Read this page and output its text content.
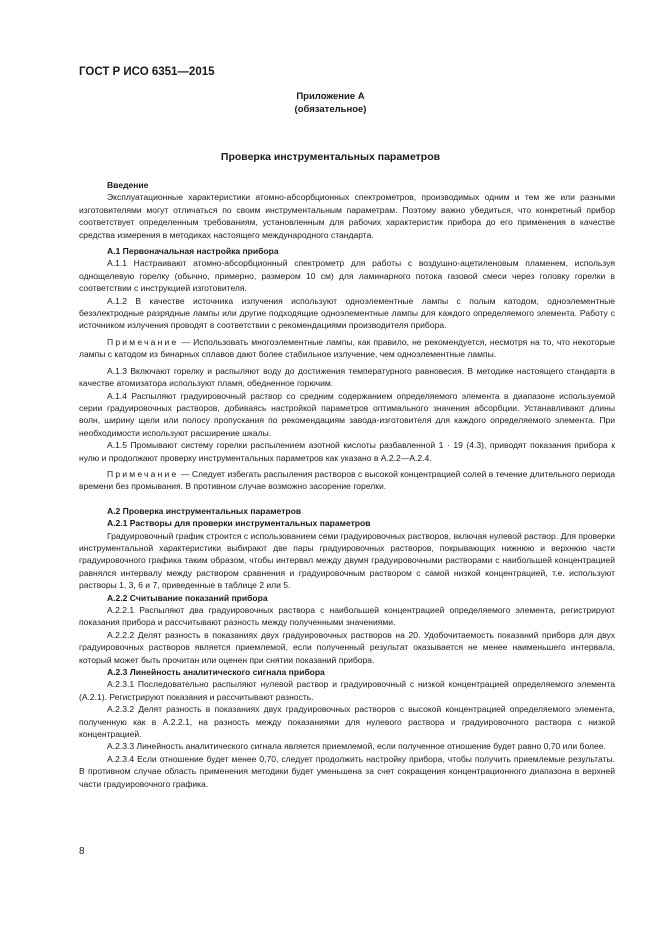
ГОСТ Р ИСО 6351—2015
Приложение А
(обязательное)
Проверка инструментальных параметров

Введение

Эксплуатационные характеристики атомно-абсорбционных спектрометров, производимых одним и тем же или разными изготовителями могут отличаться по своим инструментальным параметрам. Поэтому важно убедиться, что конкретный прибор соответствует определенным требованиям, установленным для рабочих характеристик прибора до его применения в качестве средства измерения в методиках настоящего международного стандарта.

А.1 Первоначальная настройка прибора

А.1.1 Настраивают атомно-абсорбционный спектрометр для работы с воздушно-ацетиленовым пламенем, используя однощелевую горелку (обычно, примерно, размером 10 см) для ламинарного потока газовой смеси через головку горелки в соответствии с инструкцией изготовителя.

А.1.2 В качестве источника излучения используют одноэлементные лампы с полым катодом, одноэлементные безэлектродные разрядные лампы или другие подходящие одноэлементные лампы для каждого определяемого элемента. Работу с источником излучения проводят в соответствии с рекомендациями производителя прибора.

Примечание — Использовать многоэлементные лампы, как правило, не рекомендуется, несмотря на то, что некоторые лампы с катодом из бинарных сплавов дают более стабильное излучение, чем одноэлементные лампы.

А.1.3 Включают горелку и распыляют воду до достижения температурного равновесия. В методике настоящего стандарта в качестве атомизатора используют пламя, обедненное горючим.

А.1.4 Распыляют градуировочный раствор со средним содержанием определяемого элемента в диапазоне используемой серии градуировочных растворов, добиваясь настройкой параметров оптимального значения абсорбции. Устанавливают длины волн, ширину щели или полосу пропускания по рекомендациям завода-изготовителя для каждого определяемого элемента. При необходимости используют расширение шкалы.

А.1.5 Промывают систему горелки распылением азотной кислоты разбавленной 1 · 19 (4.3), приводят показания прибора к нулю и продолжают проверку инструментальных параметров как указано в А.2.2—А.2.4.

Примечание — Следует избегать распыления растворов с высокой концентрацией солей в течение длительного периода времени без промывания. В противном случае возможно засорение горелки.

А.2 Проверка инструментальных параметров

А.2.1 Растворы для проверки инструментальных параметров

Градуировочный график строится с использованием семи градуировочных растворов, включая нулевой раствор. Для проверки инструментальной характеристики выбирают две пары градуировочных растворов, покрывающих нижнюю и верхнюю части градуировочного графика таким образом, чтобы интервал между двумя градуировочными растворами с наибольшей концентрацией равнялся интервалу между раствором сравнения и градуировочным раствором с самой низкой концентрацией, т.е. используют растворы 1, 3, 6 и 7, приведенные в таблице 2 или 5.

А.2.2 Считывание показаний прибора

А.2.2.1 Распыляют два градуировочных раствора с наибольшей концентрацией определяемого элемента, регистрируют показания прибора и рассчитывают разность между полученными значениями.

А.2.2.2 Делят разность в показаниях двух градуировочных растворов на 20. Удобочитаемость показаний прибора для двух градуировочных растворов является приемлемой, если полученный результат оказывается не менее наименьшего интервала, который может быть прочитан или оценен при снятии показаний прибора.

А.2.3 Линейность аналитического сигнала прибора

А.2.3.1 Последовательно распыляют нулевой раствор и градуировочный с низкой концентрацией определяемого элемента (А.2.1). Регистрируют показания и рассчитывают разность.

А.2.3.2 Делят разность в показаниях двух градуировочных растворов с высокой концентрацией определяемого элемента, полученную как в А.2.2.1, на разность между показаниями для нулевого раствора и градуировочного раствора с низкой концентрацией.

А.2.3.3 Линейность аналитического сигнала является приемлемой, если полученное отношение будет равно 0,70 или более.

А.2.3.4 Если отношение будет менее 0,70, следует продолжить настройку прибора, чтобы получить приемлемые результаты. В противном случае область применения методики будет уменьшена за счет сокращения концентрационного диапазона в верхней части градуировочного графика.

8
